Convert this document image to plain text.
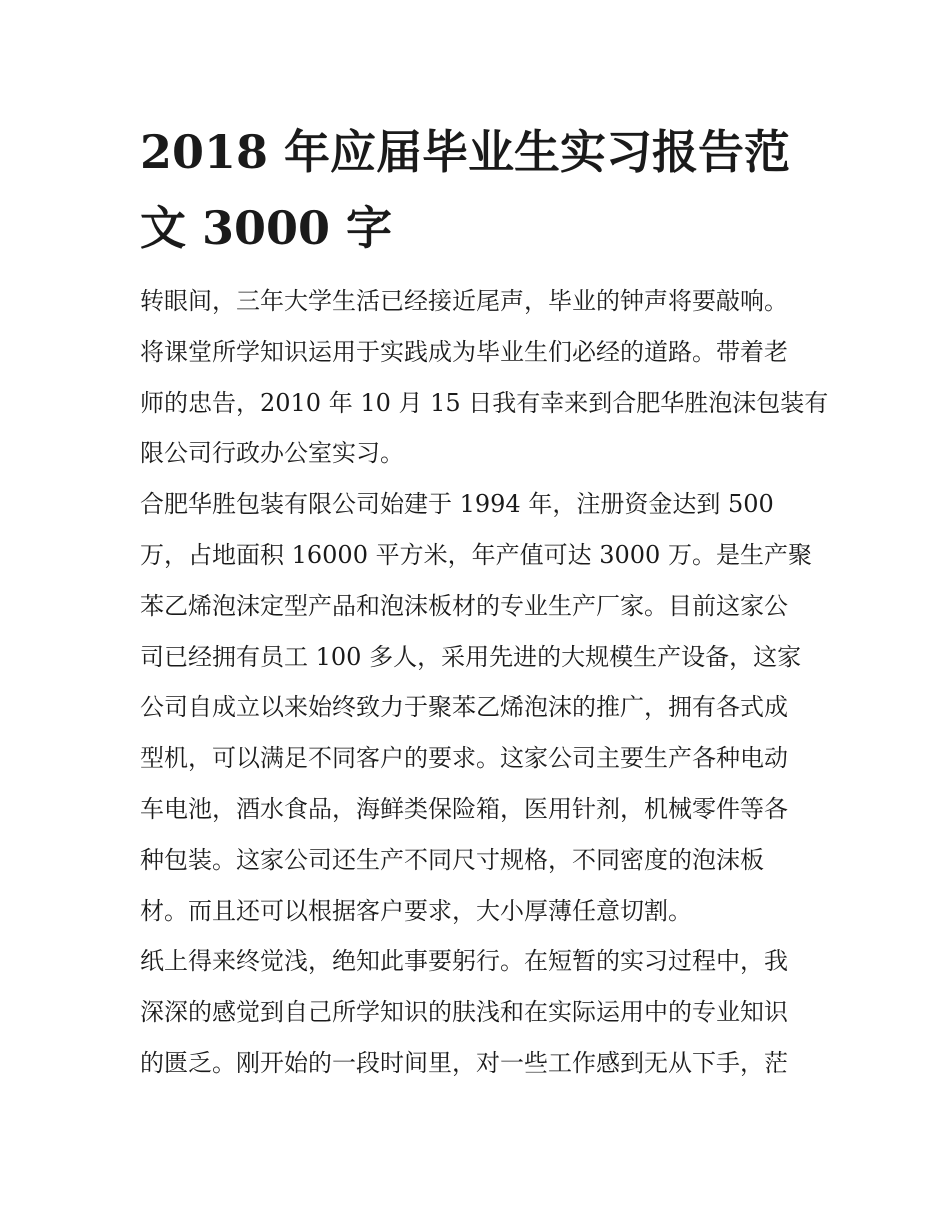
2018 年应届毕业生实习报告范
文 3000 字
转眼间，三年大学生活已经接近尾声，毕业的钟声将要敲响。
将课堂所学知识运用于实践成为毕业生们必经的道路。带着老
师的忠告，2010 年 10 月 15 日我有幸来到合肥华胜泡沫包装有
限公司行政办公室实习。
合肥华胜包装有限公司始建于 1994 年，注册资金达到 500
万，占地面积 16000 平方米，年产值可达 3000 万。是生产聚
苯乙烯泡沫定型产品和泡沫板材的专业生产厂家。目前这家公
司已经拥有员工 100 多人，采用先进的大规模生产设备，这家
公司自成立以来始终致力于聚苯乙烯泡沫的推广，拥有各式成
型机，可以满足不同客户的要求。这家公司主要生产各种电动
车电池，酒水食品，海鲜类保险箱，医用针剂，机械零件等各
种包装。这家公司还生产不同尺寸规格，不同密度的泡沫板
材。而且还可以根据客户要求，大小厚薄任意切割。
纸上得来终觉浅，绝知此事要躬行。在短暂的实习过程中，我
深深的感觉到自己所学知识的肤浅和在实际运用中的专业知识
的匮乏。刚开始的一段时间里，对一些工作感到无从下手，茫
